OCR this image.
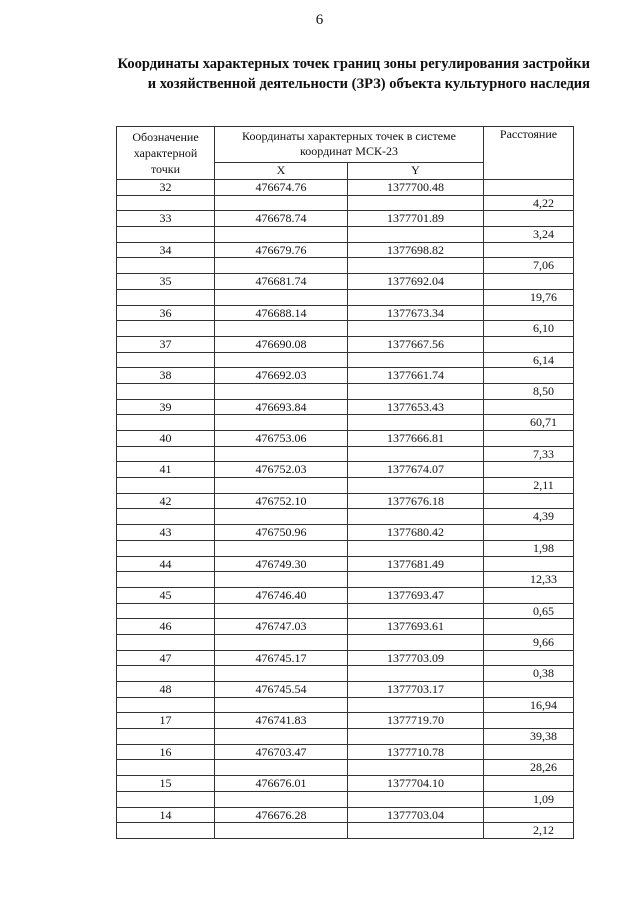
6
Координаты характерных точек границ зоны регулирования застройки
и хозяйственной деятельности (ЗРЗ) объекта культурного наследия
Обозначение характерной точки	Координаты характерных точек в системе координат МСК-23		Расстояние
	X	Y	
32	476674.76	1377700.48	
			4,22
33	476678.74	1377701.89	
			3,24
34	476679.76	1377698.82	
			7,06
35	476681.74	1377692.04	
			19,76
36	476688.14	1377673.34	
			6,10
37	476690.08	1377667.56	
			6,14
38	476692.03	1377661.74	
			8,50
39	476693.84	1377653.43	
			60,71
40	476753.06	1377666.81	
			7,33
41	476752.03	1377674.07	
			2,11
42	476752.10	1377676.18	
			4,39
43	476750.96	1377680.42	
			1,98
44	476749.30	1377681.49	
			12,33
45	476746.40	1377693.47	
			0,65
46	476747.03	1377693.61	
			9,66
47	476745.17	1377703.09	
			0,38
48	476745.54	1377703.17	
			16,94
17	476741.83	1377719.70	
			39,38
16	476703.47	1377710.78	
			28,26
15	476676.01	1377704.10	
			1,09
14	476676.28	1377703.04	
			2,12
